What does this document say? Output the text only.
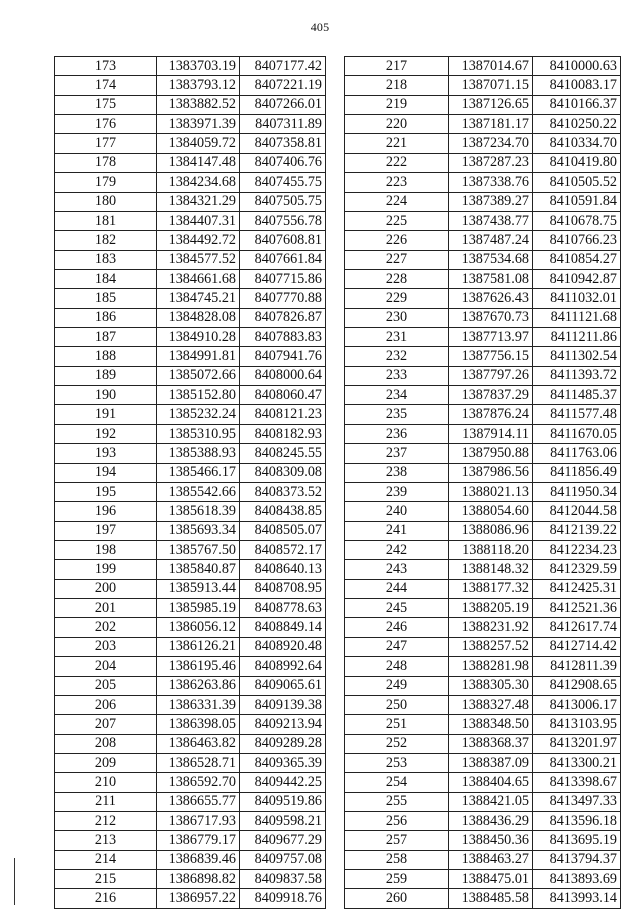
405
173	1383703.19	8407177.42
174	1383793.12	8407221.19
175	1383882.52	8407266.01
176	1383971.39	8407311.89
177	1384059.72	8407358.81
178	1384147.48	8407406.76
179	1384234.68	8407455.75
180	1384321.29	8407505.75
181	1384407.31	8407556.78
182	1384492.72	8407608.81
183	1384577.52	8407661.84
184	1384661.68	8407715.86
185	1384745.21	8407770.88
186	1384828.08	8407826.87
187	1384910.28	8407883.83
188	1384991.81	8407941.76
189	1385072.66	8408000.64
190	1385152.80	8408060.47
191	1385232.24	8408121.23
192	1385310.95	8408182.93
193	1385388.93	8408245.55
194	1385466.17	8408309.08
195	1385542.66	8408373.52
196	1385618.39	8408438.85
197	1385693.34	8408505.07
198	1385767.50	8408572.17
199	1385840.87	8408640.13
200	1385913.44	8408708.95
201	1385985.19	8408778.63
202	1386056.12	8408849.14
203	1386126.21	8408920.48
204	1386195.46	8408992.64
205	1386263.86	8409065.61
206	1386331.39	8409139.38
207	1386398.05	8409213.94
208	1386463.82	8409289.28
209	1386528.71	8409365.39
210	1386592.70	8409442.25
211	1386655.77	8409519.86
212	1386717.93	8409598.21
213	1386779.17	8409677.29
214	1386839.46	8409757.08
215	1386898.82	8409837.58
216	1386957.22	8409918.76
217	1387014.67	8410000.63
218	1387071.15	8410083.17
219	1387126.65	8410166.37
220	1387181.17	8410250.22
221	1387234.70	8410334.70
222	1387287.23	8410419.80
223	1387338.76	8410505.52
224	1387389.27	8410591.84
225	1387438.77	8410678.75
226	1387487.24	8410766.23
227	1387534.68	8410854.27
228	1387581.08	8410942.87
229	1387626.43	8411032.01
230	1387670.73	8411121.68
231	1387713.97	8411211.86
232	1387756.15	8411302.54
233	1387797.26	8411393.72
234	1387837.29	8411485.37
235	1387876.24	8411577.48
236	1387914.11	8411670.05
237	1387950.88	8411763.06
238	1387986.56	8411856.49
239	1388021.13	8411950.34
240	1388054.60	8412044.58
241	1388086.96	8412139.22
242	1388118.20	8412234.23
243	1388148.32	8412329.59
244	1388177.32	8412425.31
245	1388205.19	8412521.36
246	1388231.92	8412617.74
247	1388257.52	8412714.42
248	1388281.98	8412811.39
249	1388305.30	8412908.65
250	1388327.48	8413006.17
251	1388348.50	8413103.95
252	1388368.37	8413201.97
253	1388387.09	8413300.21
254	1388404.65	8413398.67
255	1388421.05	8413497.33
256	1388436.29	8413596.18
257	1388450.36	8413695.19
258	1388463.27	8413794.37
259	1388475.01	8413893.69
260	1388485.58	8413993.14
